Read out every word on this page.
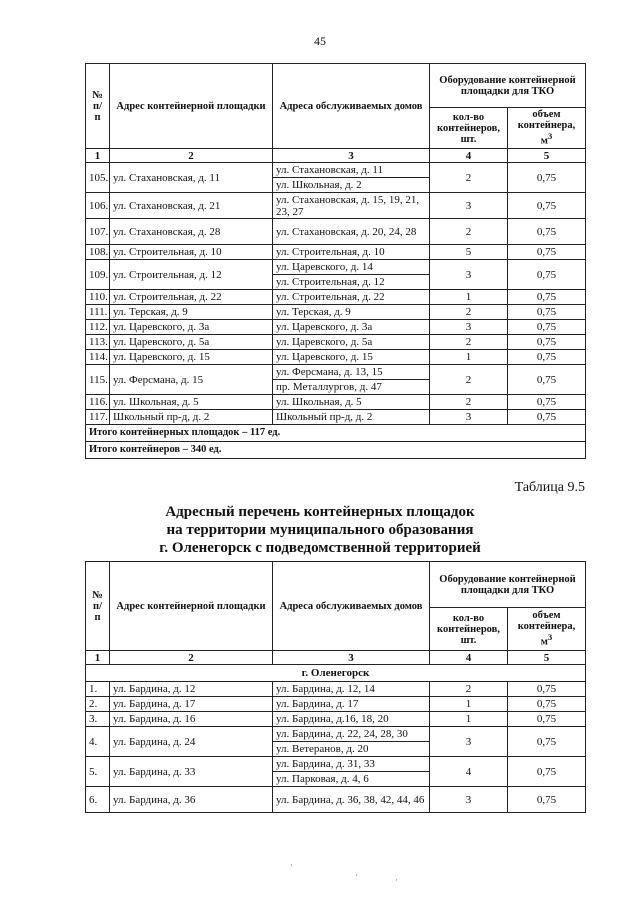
45
№ п/ п	Адрес контейнерной площадки	Адреса обслуживаемых домов	Оборудование контейнерной площадки для ТКО	
			кол-во контейнеров, шт.	объем контейнера, $м^3$
1	2	3	4	5
105.	ул. Стахановская, д. 11	ул. Стахановская, д. 11	2	0,75
		ул. Школьная, д. 2		
106.	ул. Стахановская, д. 21	ул. Стахановская, д. 15, 19, 21, 23, 27	3	0,75
107.	ул. Стахановская, д. 28	ул. Стахановская, д. 20, 24, 28	2	0,75
108.	ул. Строительная, д. 10	ул. Строительная, д. 10	5	0,75
109.	ул. Строительная, д. 12	ул. Царевского, д. 14	3	0,75
		ул. Строительная, д. 12		
110.	ул. Строительная, д. 22	ул. Строительная, д. 22	1	0,75
111.	ул. Терская, д. 9	ул. Терская, д. 9	2	0,75
112.	ул. Царевского, д. 3а	ул. Царевского, д. 3а	3	0,75
113.	ул. Царевского, д. 5а	ул. Царевского, д. 5а	2	0,75
114.	ул. Царевского, д. 15	ул. Царевского, д. 15	1	0,75
115.	ул. Ферсмана, д. 15	ул. Ферсмана, д. 13, 15	2	0,75
		пр. Металлургов, д. 47		
116.	ул. Школьная, д. 5	ул. Школьная, д. 5	2	0,75
117.	Школьный пр-д, д. 2	Школьный пр-д, д. 2	3	0,75
Итого контейнерных площадок – 117 ед.				
Итого контейнеров – 340 ед.				
Таблица 9.5
Адресный перечень контейнерных площадок
на территории муниципального образования
г. Оленегорск с подведомственной территорией
№ п/ п	Адрес контейнерной площадки	Адреса обслуживаемых домов	Оборудование контейнерной площадки для ТКО	
			кол-во контейнеров, шт.	объем контейнера, $м^3$
1	2	3	4	5
г. Оленегорск				
1.	ул. Бардина, д. 12	ул. Бардина, д. 12, 14	2	0,75
2.	ул. Бардина, д. 17	ул. Бардина, д. 17	1	0,75
3.	ул. Бардина, д. 16	ул. Бардина, д.16, 18, 20	1	0,75
4.	ул. Бардина, д. 24	ул. Бардина, д. 22, 24, 28, 30	3	0,75
		ул. Ветеранов, д. 20		
5.	ул. Бардина, д. 33	ул. Бардина, д. 31, 33	4	0,75
		ул. Парковая, д. 4, 6		
6.	ул. Бардина, д. 36	ул. Бардина, д. 36, 38, 42, 44, 46	3	0,75
·
·	·
